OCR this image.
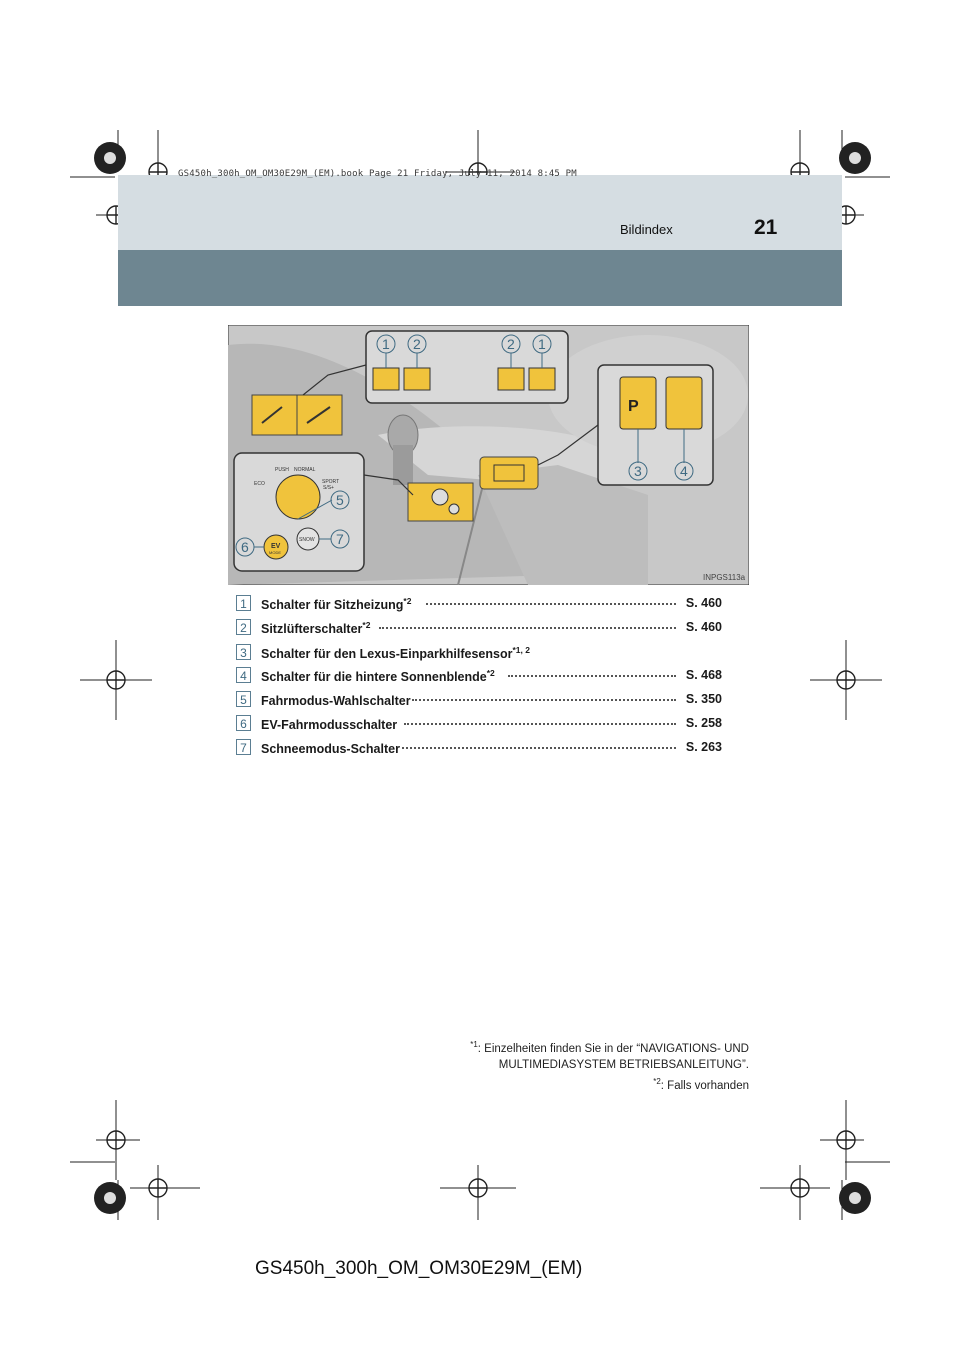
GS450h_300h_OM_OM30E29M_(EM).book Page 21 Friday, July 11, 2014 8:45 PM
Bildindex	21
P
PUSH NORMAL
ECO	SPORT
S/S+
EV
MODE
SNOW
1 2	2 1
3	4
5
6	7
INPGS113a
1	Schalter für Sitzheizung$^{*2}$	S. 460
2	Sitzlüfterschalter$^{*2}$	S. 460
3	Schalter für den Lexus-Einparkhilfesensor$^{*1, 2}$
4	Schalter für die hintere Sonnenblende$^{*2}$	S. 468
5	Fahrmodus-Wahlschalter	S. 350
6	EV-Fahrmodusschalter	S. 258
7	Schneemodus-Schalter	S. 263
$^{*1}$: Einzelheiten finden Sie in der “NAVIGATIONS- UND
MULTIMEDIASYSTEM BETRIEBSANLEITUNG”.
$^{*2}$: Falls vorhanden
GS450h_300h_OM_OM30E29M_(EM)
